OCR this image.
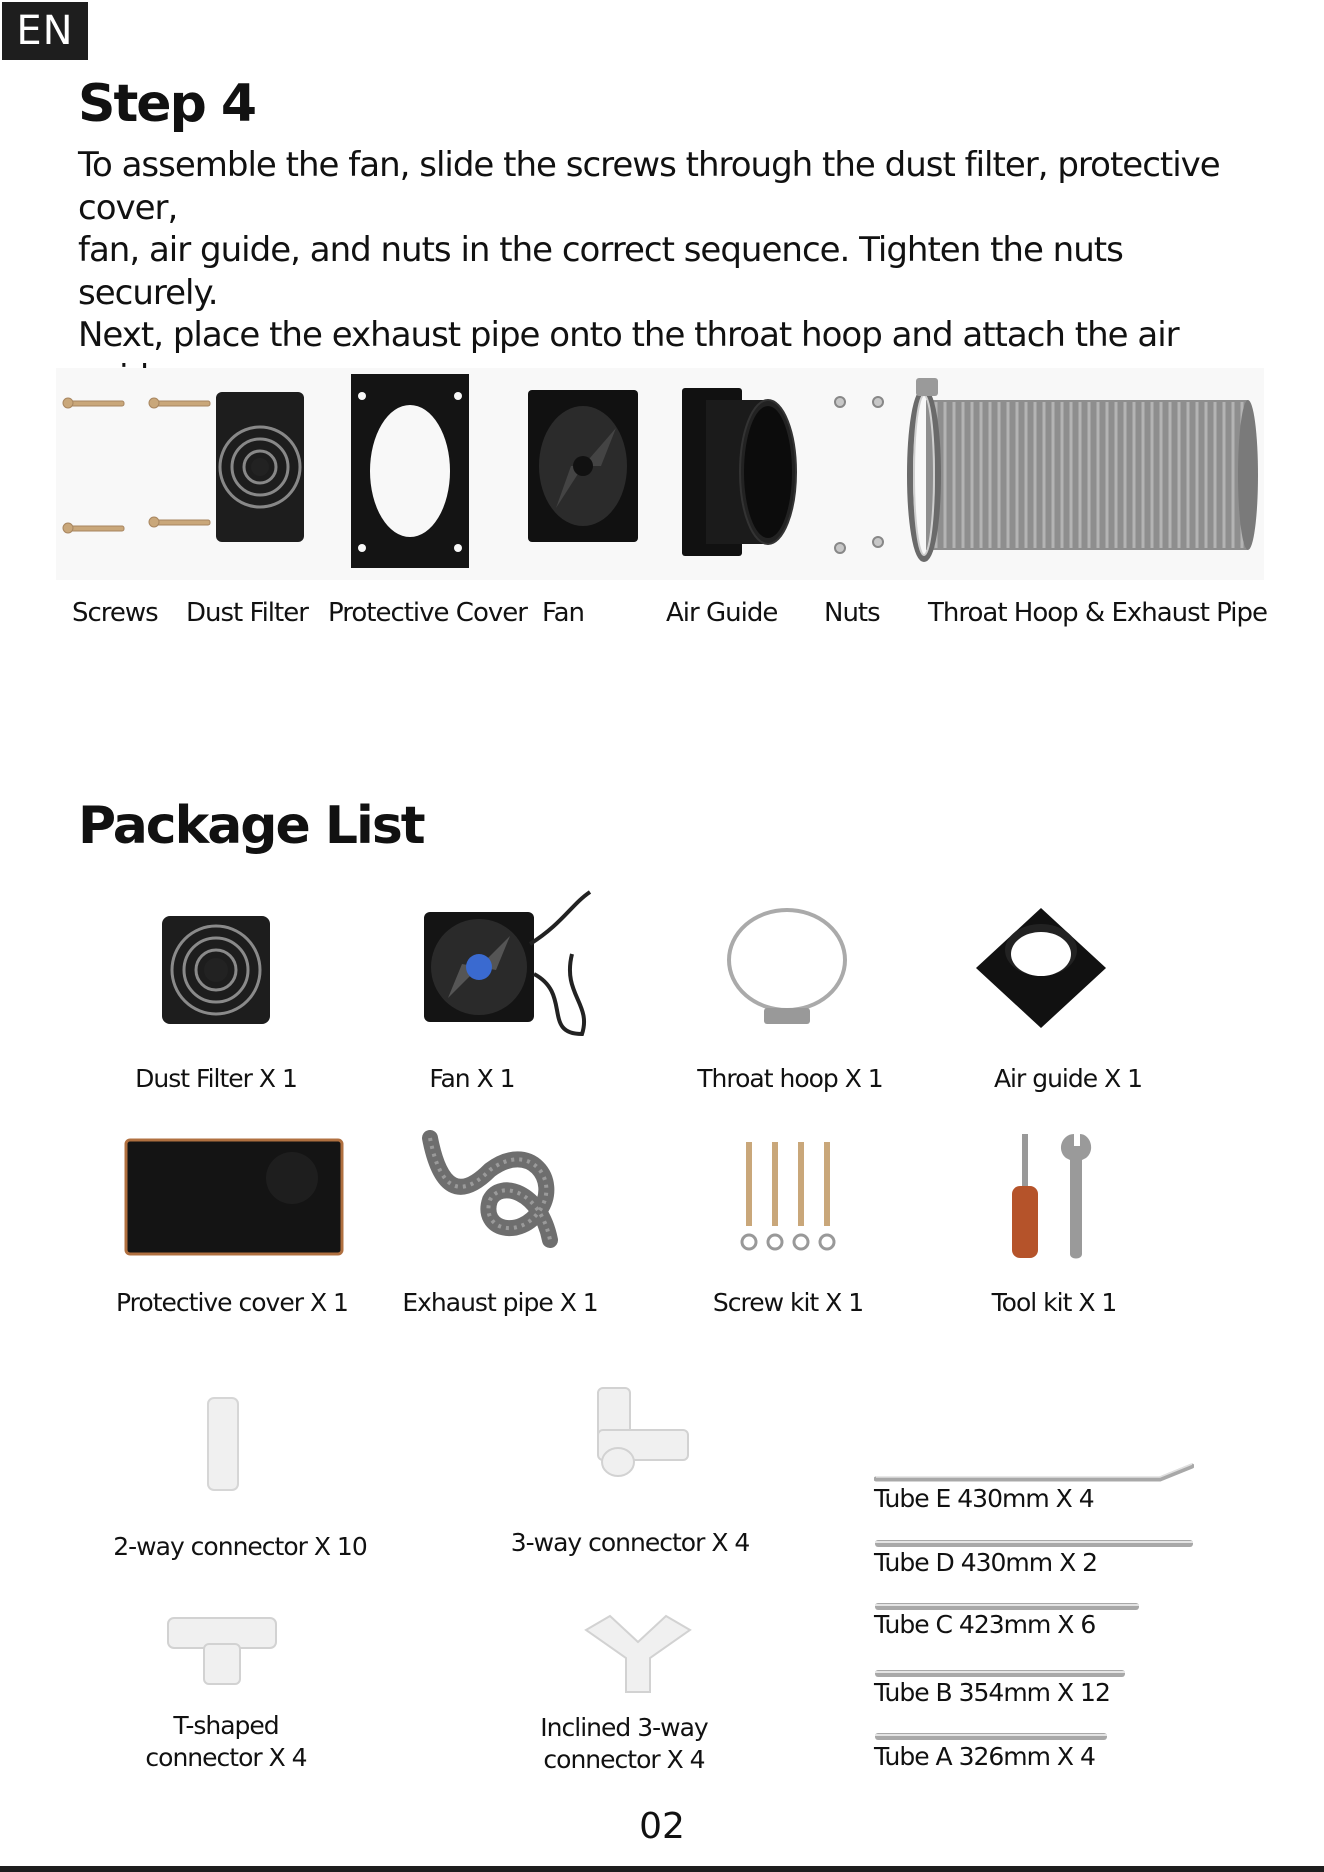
EN
Step 4
To assemble the fan, slide the screws through the dust filter, protective cover,
fan, air guide, and nuts in the correct sequence. Tighten the nuts securely.
Next, place the exhaust pipe onto the throat hoop and attach the air
Screws Dust Filter Protective Cover Fan	Air Guide Nuts Throat Hoop & Exhaust Pipe
Package List
Dust Filter X 1	Fan X 1	Throat hoop X 1	Air guide X 1
Protective cover X 1	Exhaust pipe X 1	Screw kit X 1	Tool kit X 1
2-way connector X 10	3-way connector X 4
T-shaped
connector X 4
Inclined 3-way
connector X 4
Tube E 430mm X 4
Tube D 430mm X 2
Tube C 423mm X 6
Tube B 354mm X 12
Tube A 326mm X 4
02
